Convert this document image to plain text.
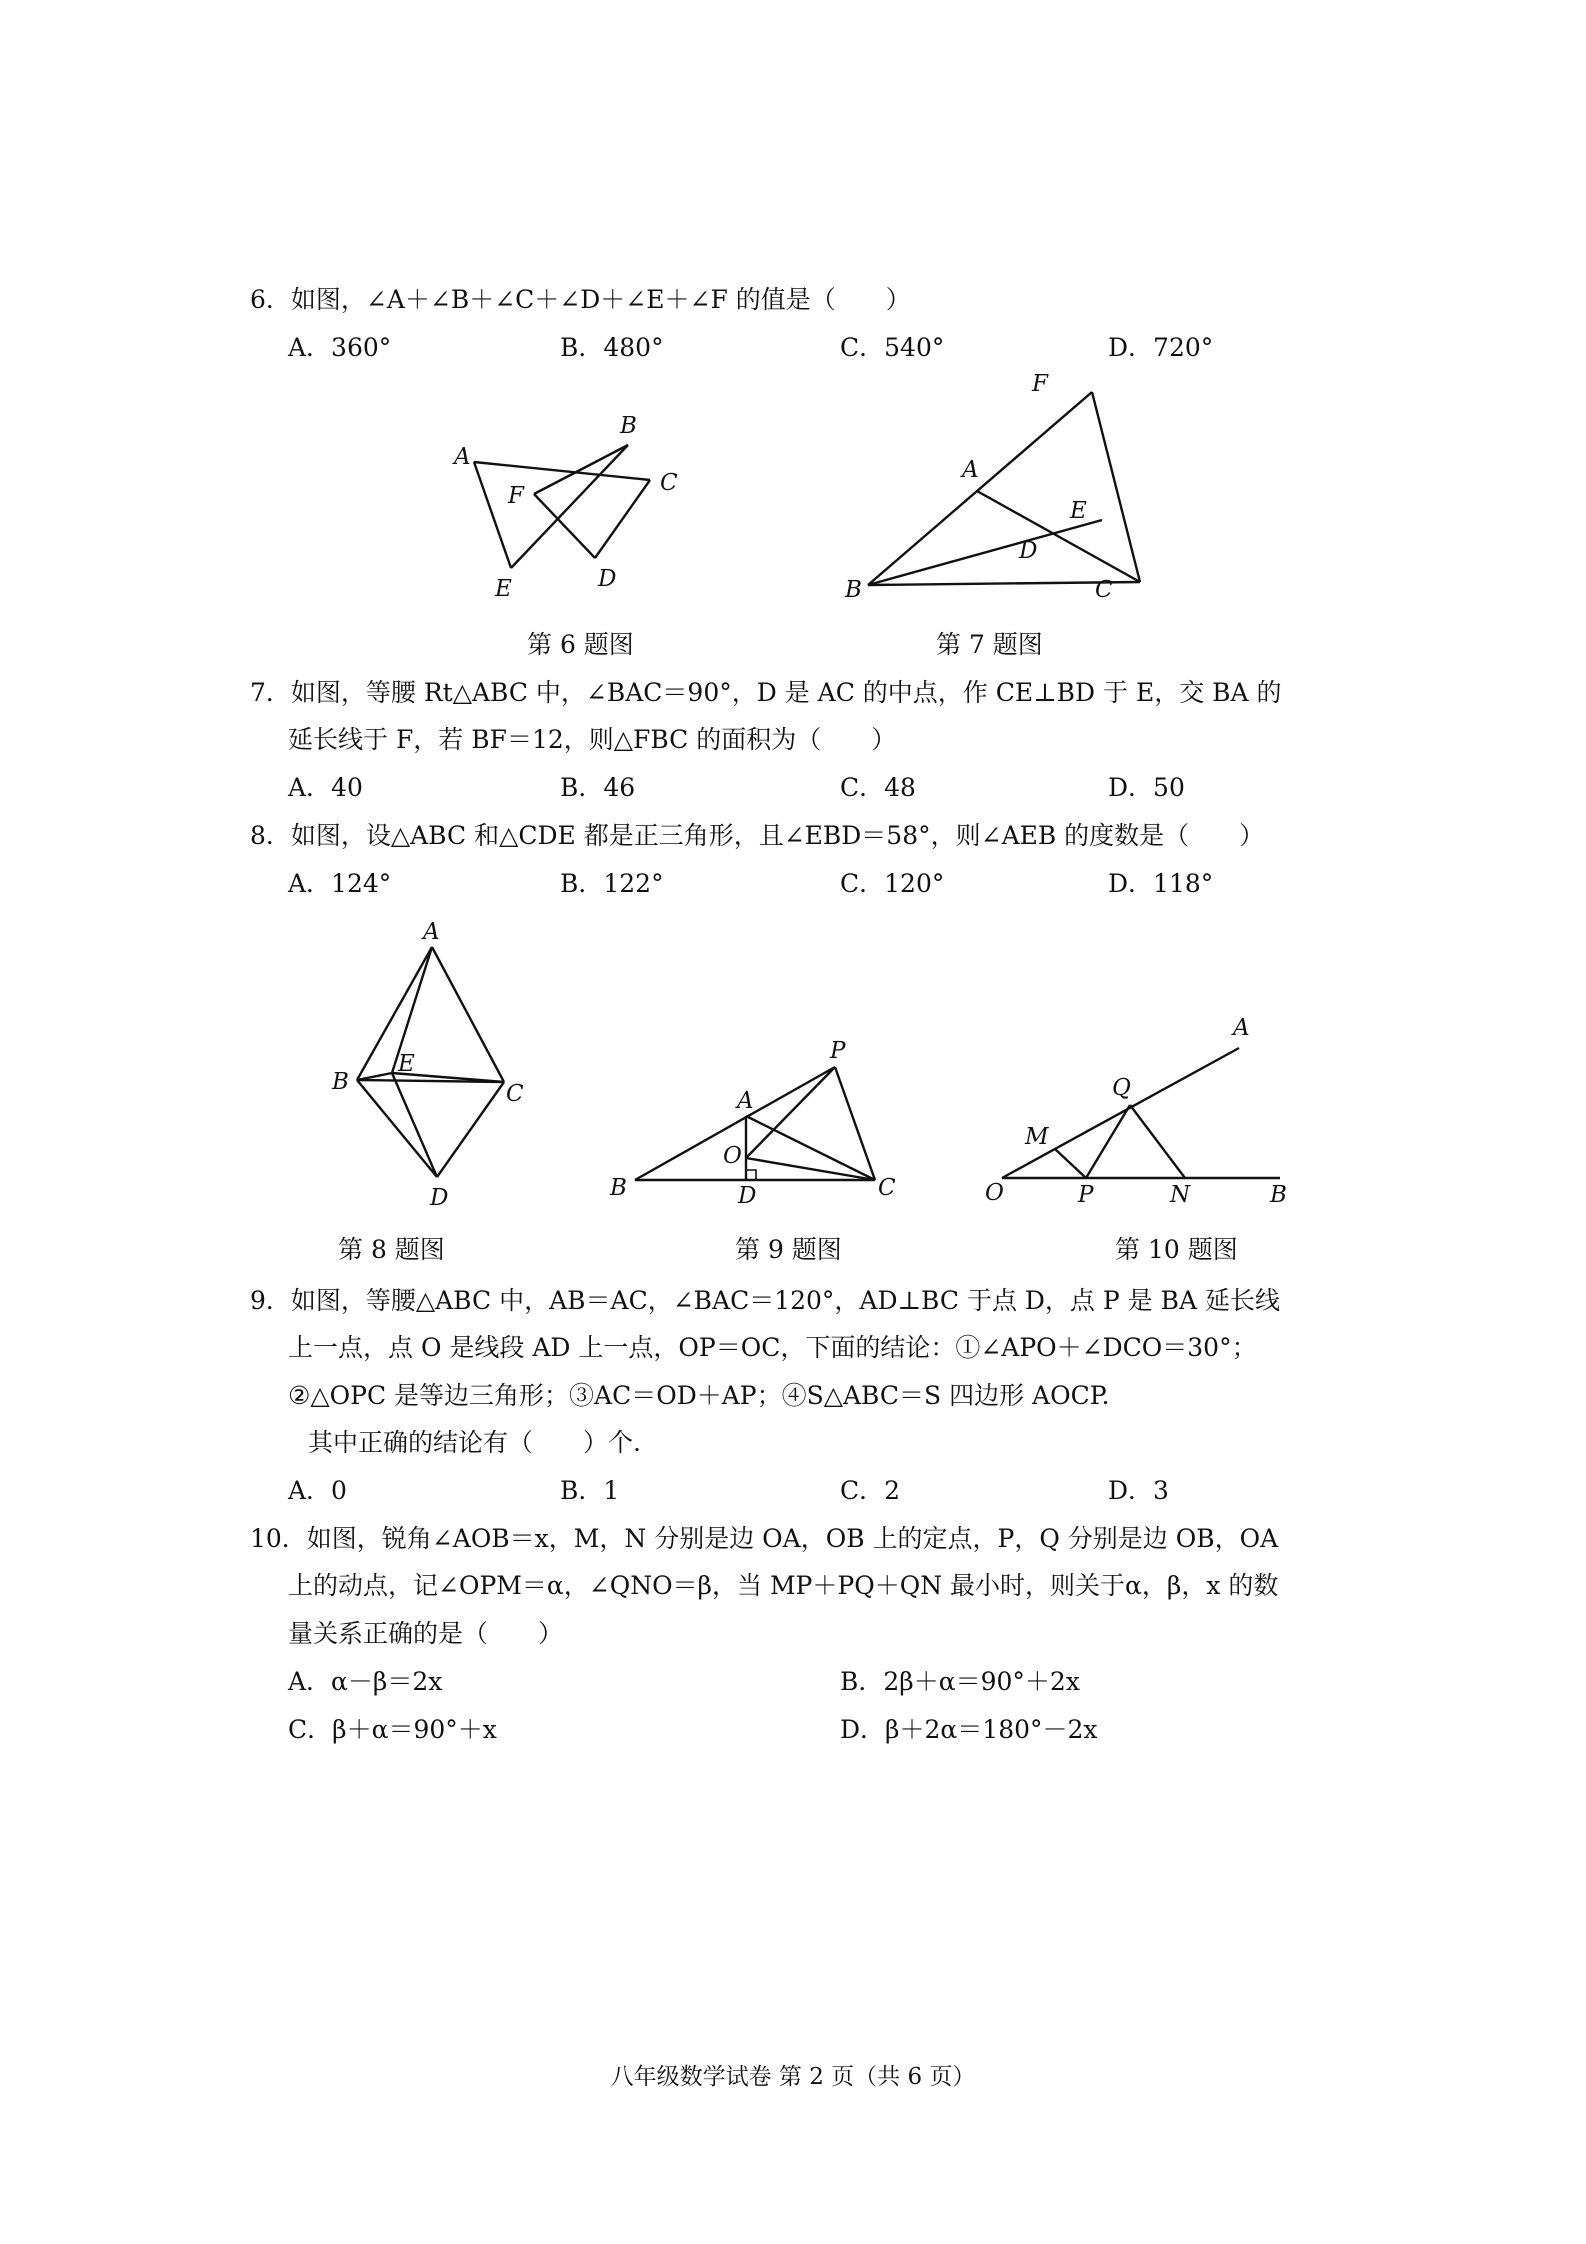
6．如图，∠A＋∠B＋∠C＋∠D＋∠E＋∠F 的值是（　　）
A．360°	B．480°	C．540°	D．720°
A
B
C
D
E
F
第 6 题图
F
A
E
D
B	C
第 7 题图
7．如图，等腰 Rt△ABC 中，∠BAC＝90°，D 是 AC 的中点，作 CE⊥BD 于 E，交 BA 的
延长线于 F，若 BF＝12，则△FBC 的面积为（　　）
A．40	B．46	C．48	D．50
8．如图，设△ABC 和△CDE 都是正三角形，且∠EBD＝58°，则∠AEB 的度数是（　　）
A．124°	B．122°	C．120°	D．118°
A
E
B	C
D
第 8 题图
P
A
O
B	D	C
第 9 题图
A
Q
M
O	P	N	B
第 10 题图
9．如图，等腰△ABC 中，AB＝AC，∠BAC＝120°，AD⊥BC 于点 D，点 P 是 BA 延长线
上一点，点 O 是线段 AD 上一点，OP＝OC，下面的结论：①∠APO＋∠DCO＝30°；
②△OPC 是等边三角形；③AC＝OD＋AP；④S△ABC＝S 四边形 AOCP.
其中正确的结论有（　　）个.
A．0	B．1	C．2	D．3
10．如图，锐角∠AOB＝x，M，N 分别是边 OA，OB 上的定点，P，Q 分别是边 OB，OA
上的动点，记∠OPM＝α，∠QNO＝β，当 MP＋PQ＋QN 最小时，则关于α，β，x 的数
量关系正确的是（　　）
A．α－β＝2x	B．2β＋α＝90°＋2x
C．β＋α＝90°＋x	D．β＋2α＝180°－2x
八年级数学试卷 第 2 页（共 6 页）
